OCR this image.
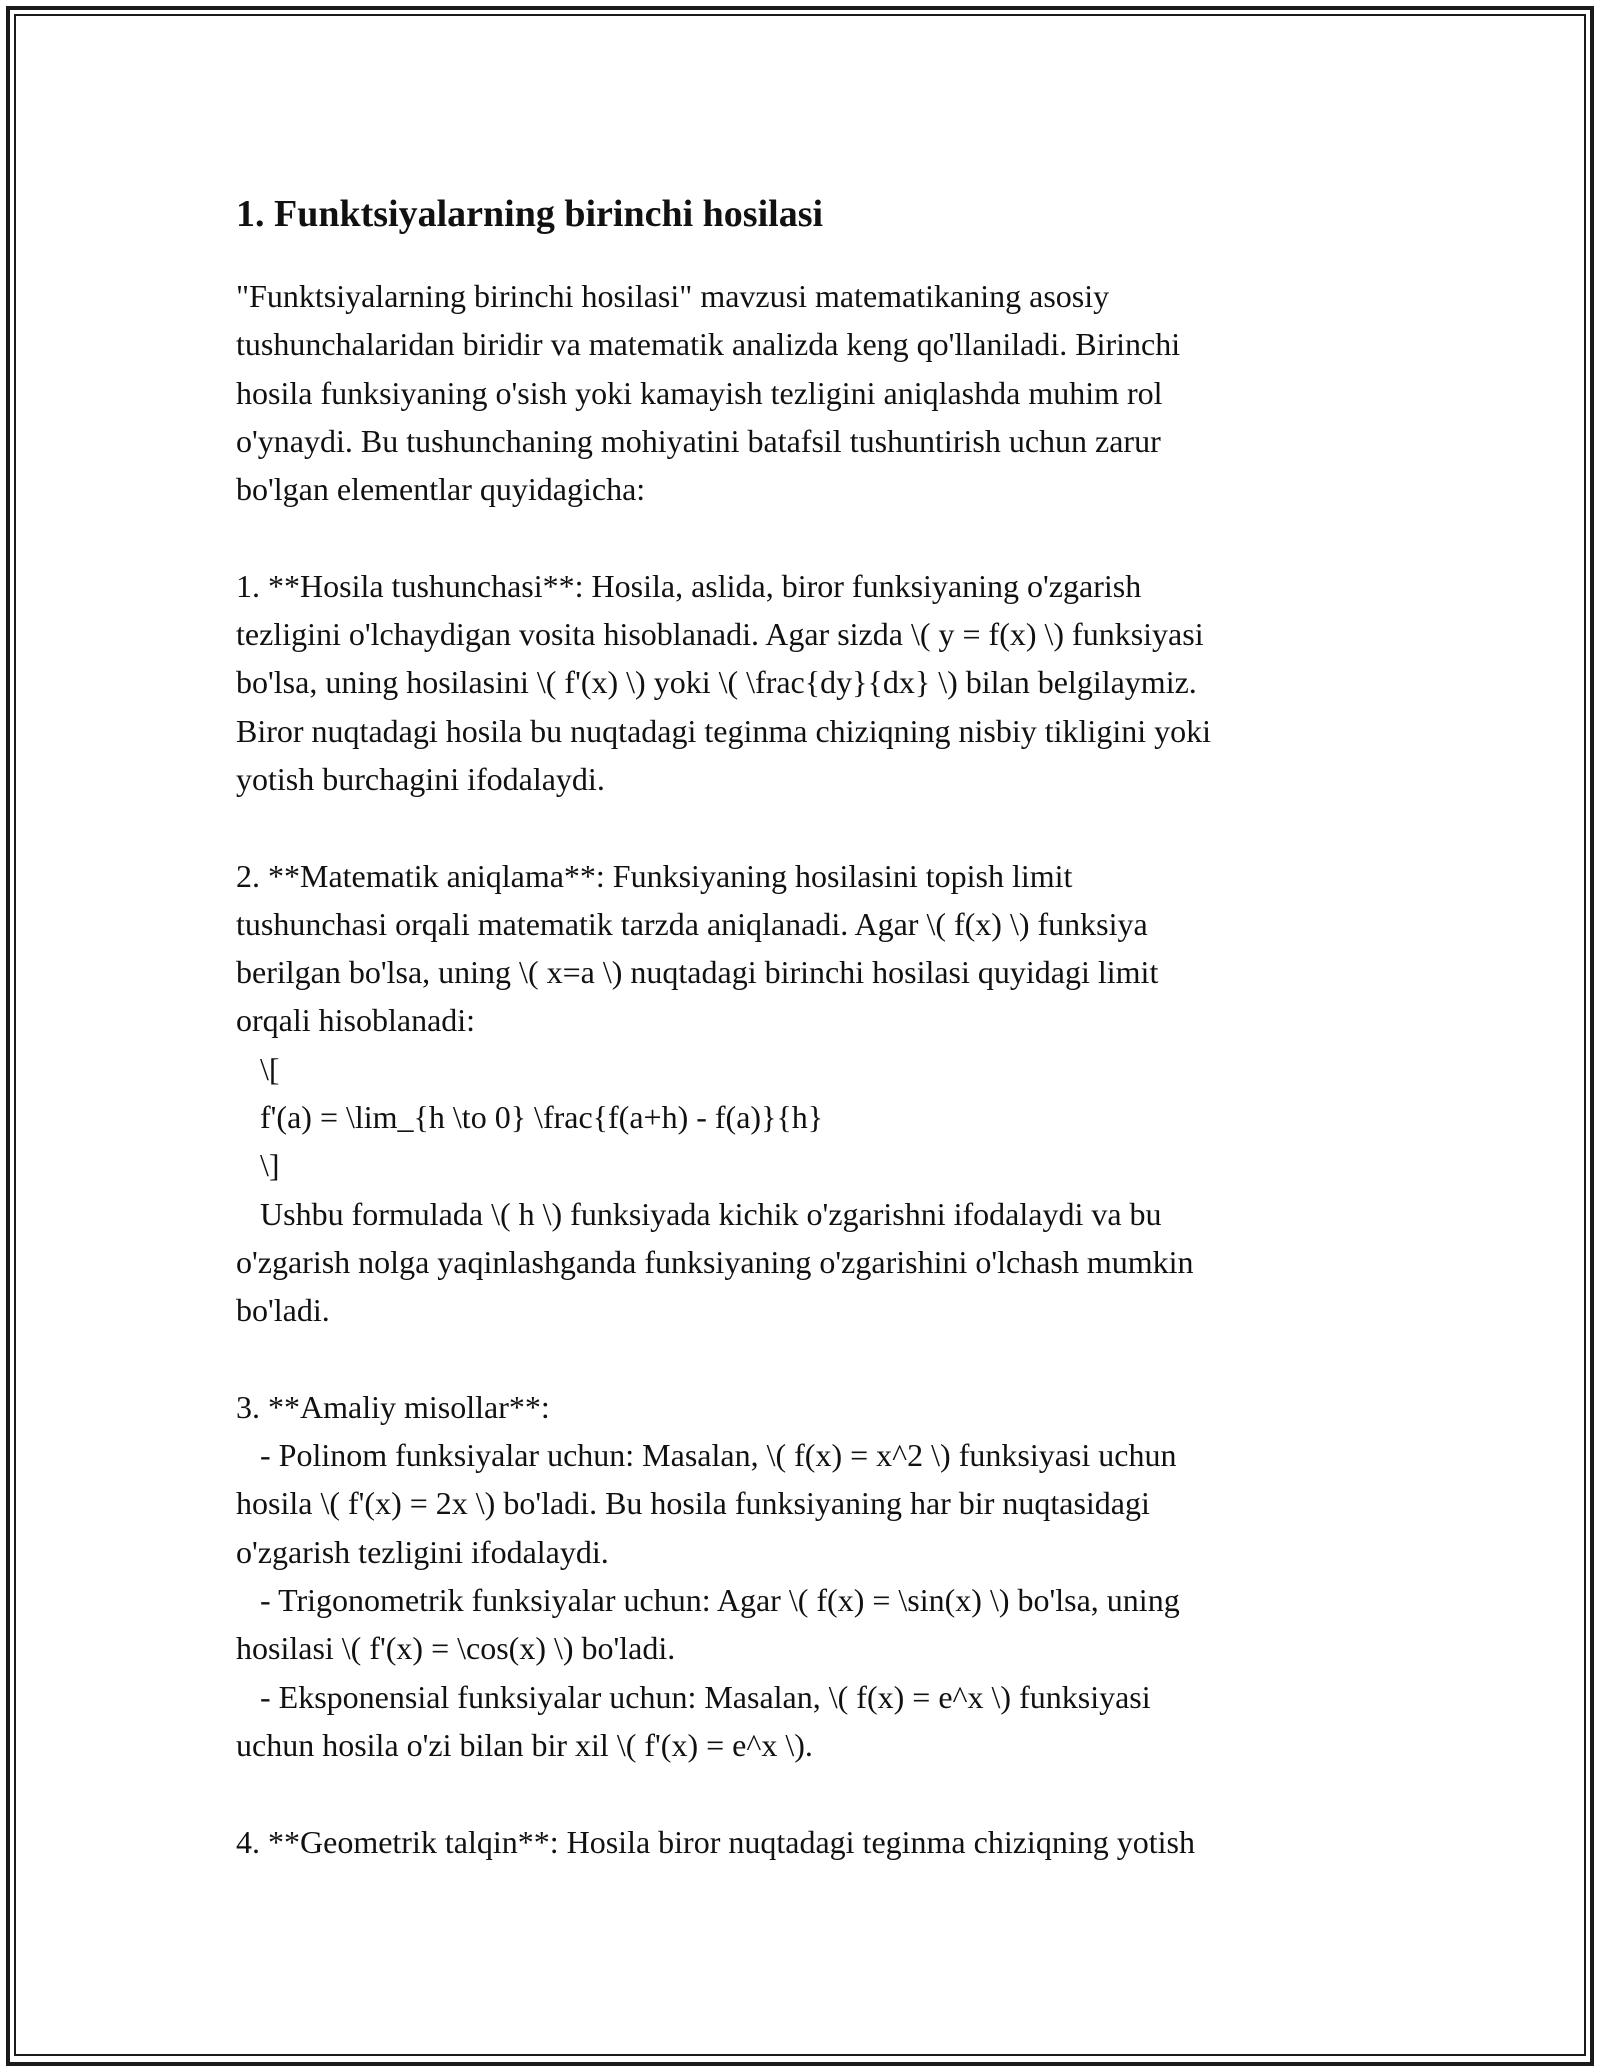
1. Funktsiyalarning birinchi hosilasi
"Funktsiyalarning birinchi hosilasi" mavzusi matematikaning asosiy
tushunchalaridan biridir va matematik analizda keng qo'llaniladi. Birinchi
hosila funksiyaning o'sish yoki kamayish tezligini aniqlashda muhim rol
o'ynaydi. Bu tushunchaning mohiyatini batafsil tushuntirish uchun zarur
bo'lgan elementlar quyidagicha:

1. **Hosila tushunchasi**: Hosila, aslida, biror funksiyaning o'zgarish
tezligini o'lchaydigan vosita hisoblanadi. Agar sizda \( y = f(x) \) funksiyasi
bo'lsa, uning hosilasini \( f'(x) \) yoki \( \frac{dy}{dx} \) bilan belgilaymiz.
Biror nuqtadagi hosila bu nuqtadagi teginma chiziqning nisbiy tikligini yoki
yotish burchagini ifodalaydi.

2. **Matematik aniqlama**: Funksiyaning hosilasini topish limit
tushunchasi orqali matematik tarzda aniqlanadi. Agar \( f(x) \) funksiya
berilgan bo'lsa, uning \( x=a \) nuqtadagi birinchi hosilasi quyidagi limit
orqali hisoblanadi:
\[
f'(a) = \lim_{h \to 0} \frac{f(a+h) - f(a)}{h}
\]
Ushbu formulada \( h \) funksiyada kichik o'zgarishni ifodalaydi va bu
o'zgarish nolga yaqinlashganda funksiyaning o'zgarishini o'lchash mumkin
bo'ladi.

3. **Amaliy misollar**:
- Polinom funksiyalar uchun: Masalan, \( f(x) = x^2 \) funksiyasi uchun
hosila \( f'(x) = 2x \) bo'ladi. Bu hosila funksiyaning har bir nuqtasidagi
o'zgarish tezligini ifodalaydi.
- Trigonometrik funksiyalar uchun: Agar \( f(x) = \sin(x) \) bo'lsa, uning
hosilasi \( f'(x) = \cos(x) \) bo'ladi.
- Eksponensial funksiyalar uchun: Masalan, \( f(x) = e^x \) funksiyasi
uchun hosila o'zi bilan bir xil \( f'(x) = e^x \).

4. **Geometrik talqin**: Hosila biror nuqtadagi teginma chiziqning yotish
